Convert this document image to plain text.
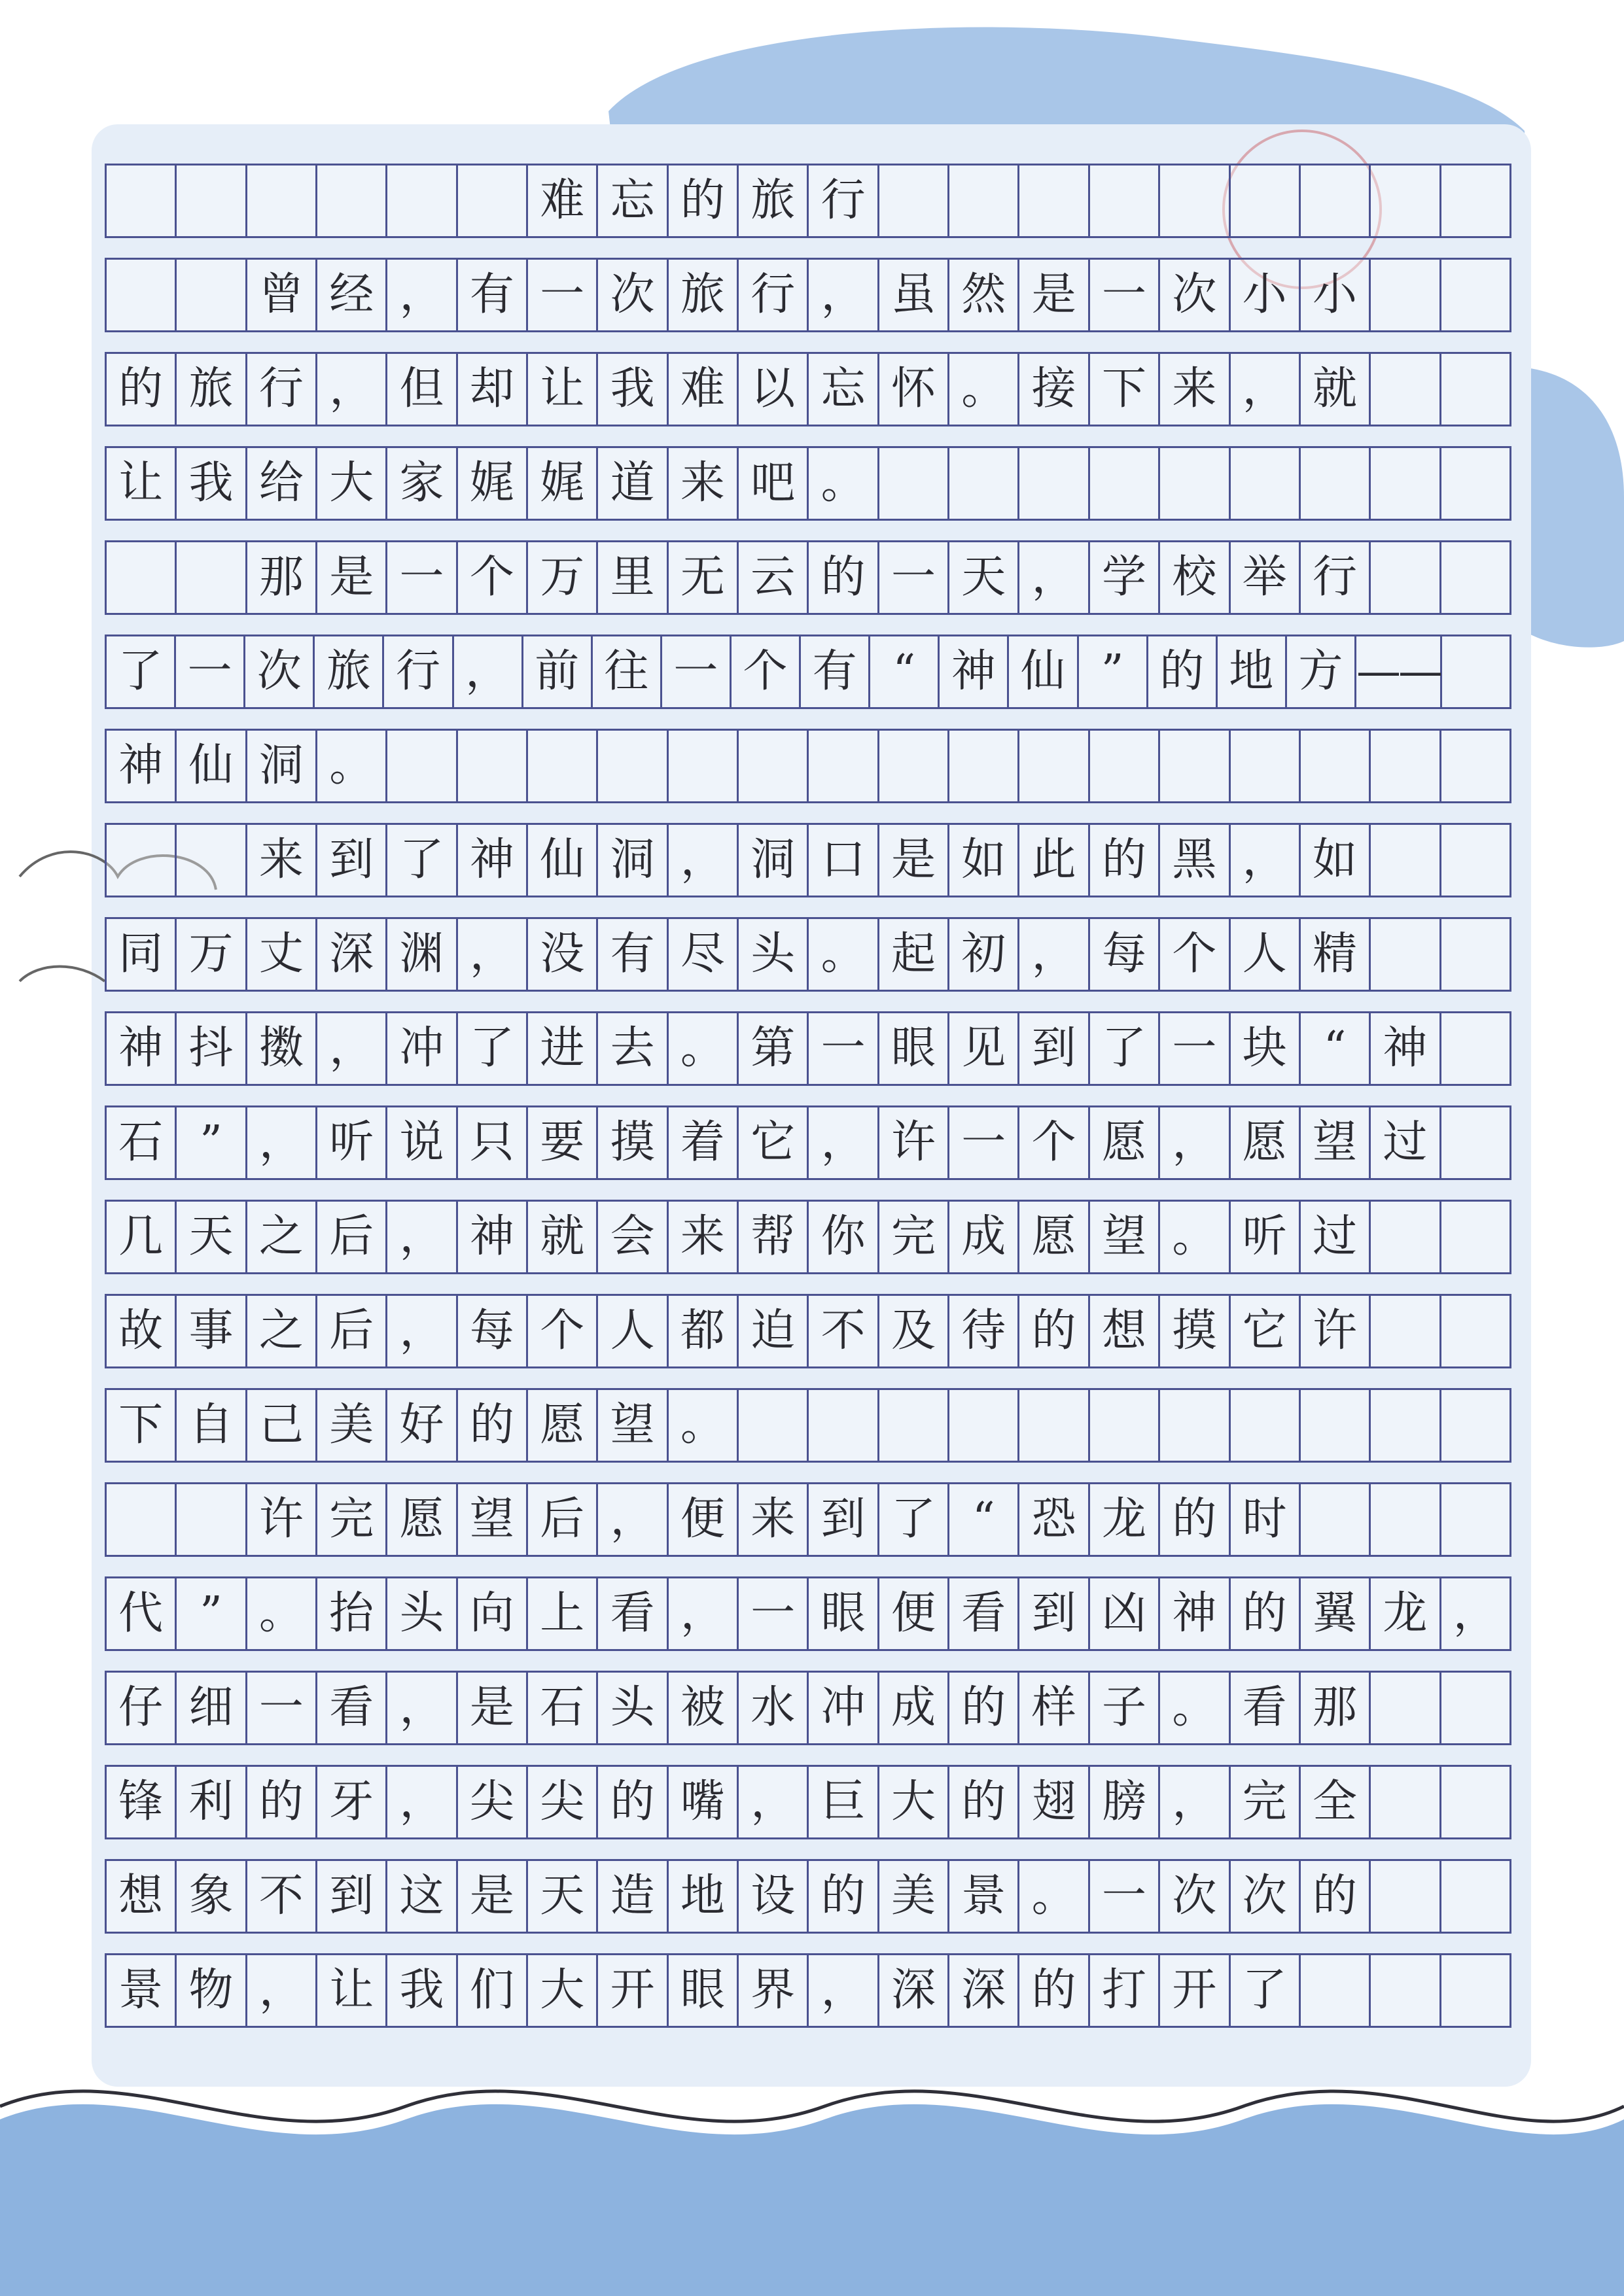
难 忘 的 旅 行
曾 经 ， 有 一 次 旅 行 ， 虽 然 是 一 次 小 小
的 旅 行 ， 但 却 让 我 难 以 忘 怀 。 接 下 来 ， 就
让 我 给 大 家 娓 娓 道 来 吧 。
那 是 一 个 万 里 无 云 的 一 天 ， 学 校 举 行
了 一 次 旅 行 ， 前 往 一 个 有 “ 神 仙 ” 的 地 方 ——
神 仙 洞 。
来 到 了 神 仙 洞 ， 洞 口 是 如 此 的 黑 ， 如
同 万 丈 深 渊 ， 没 有 尽 头 。 起 初 ， 每 个 人 精
神 抖 擞 ， 冲 了 进 去 。 第 一 眼 见 到 了 一 块 “ 神
石 ” ， 听 说 只 要 摸 着 它 ， 许 一 个 愿 ， 愿 望 过
几 天 之 后 ， 神 就 会 来 帮 你 完 成 愿 望 。 听 过
故 事 之 后 ， 每 个 人 都 迫 不 及 待 的 想 摸 它 许
下 自 己 美 好 的 愿 望 。
许 完 愿 望 后 ， 便 来 到 了 “ 恐 龙 的 时
代 ” 。 抬 头 向 上 看 ， 一 眼 便 看 到 凶 神 的 翼 龙 ，
仔 细 一 看 ， 是 石 头 被 水 冲 成 的 样 子 。 看 那
锋 利 的 牙 ， 尖 尖 的 嘴 ， 巨 大 的 翅 膀 ， 完 全
想 象 不 到 这 是 天 造 地 设 的 美 景 。 一 次 次 的
景 物 ， 让 我 们 大 开 眼 界 ， 深 深 的 打 开 了
